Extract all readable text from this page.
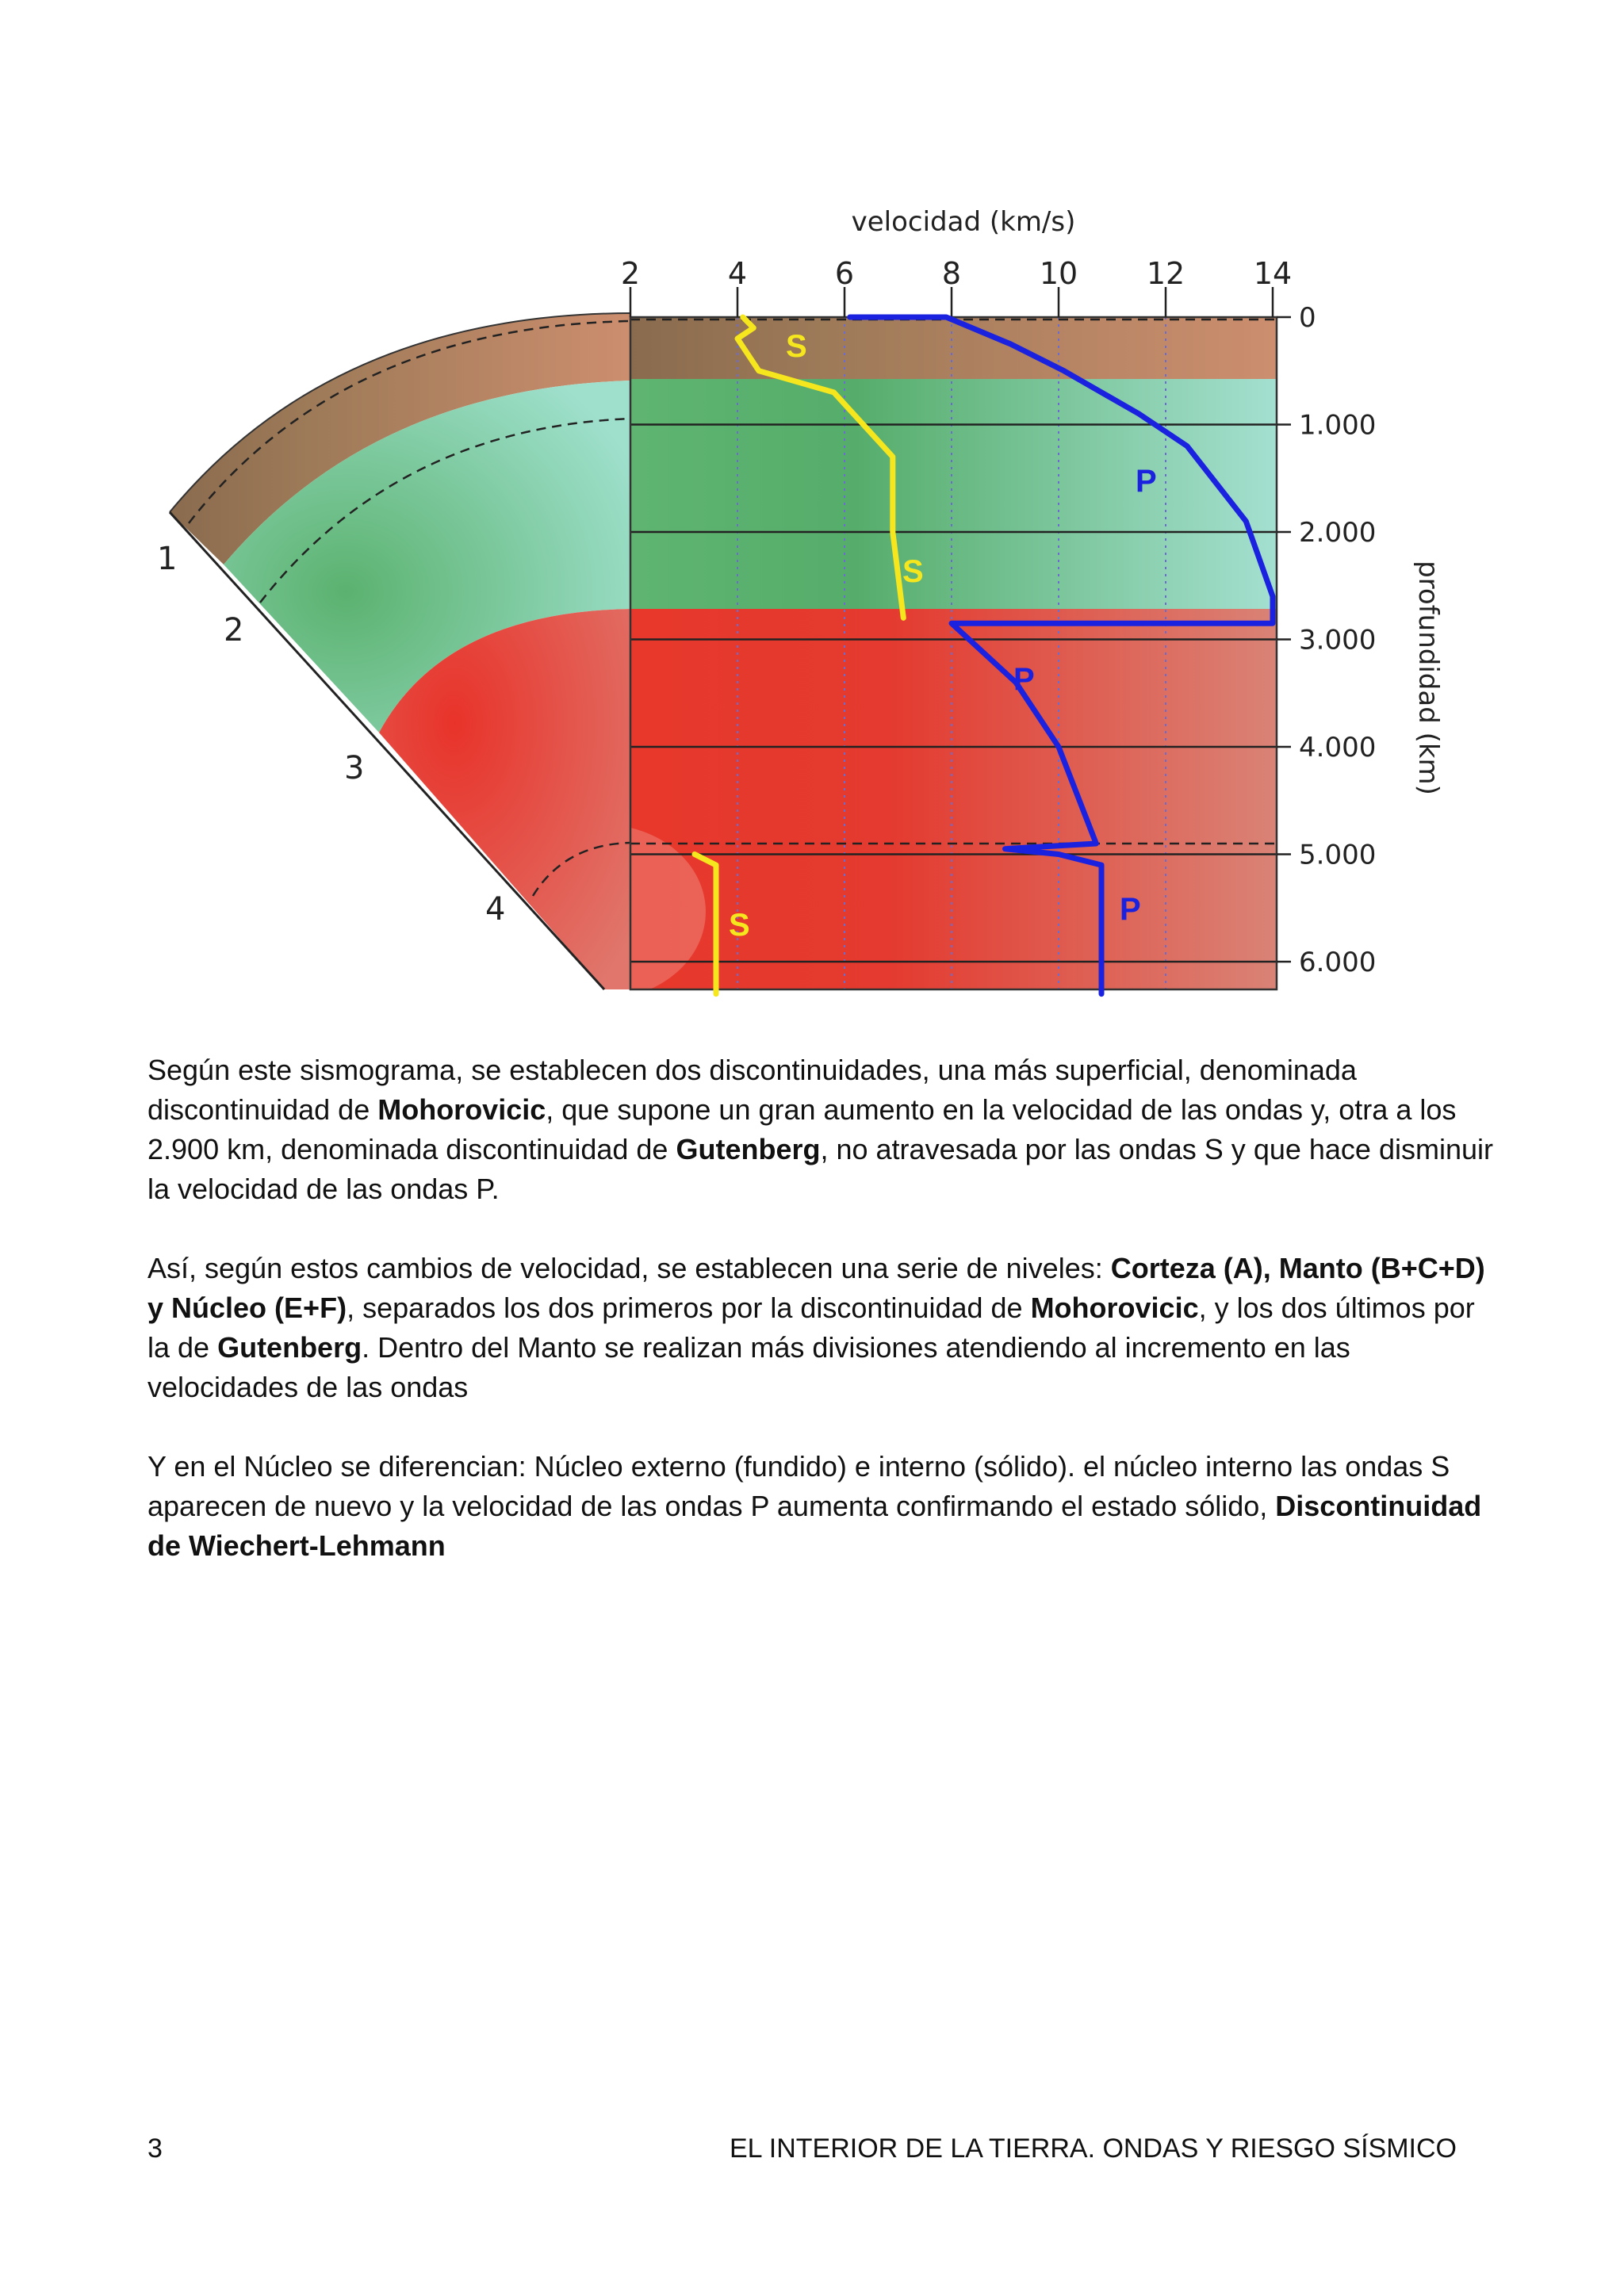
1
2
3
4
2	4	6	8	10 12 14
0
1.000
2.000
3.000
4.000
5.000
6.000
velocidad (km/s)
profundidad (km)
S
S
S
P
P
P

Según este sismograma, se establecen dos discontinuidades, una más superficial, denominada discontinuidad de Mohorovicic, que supone un gran aumento en la velocidad de las ondas y, otra a los 2.900 km, denominada discontinuidad de Gutenberg, no atravesada por las ondas S y que hace disminuir la velocidad de las ondas P.

Así, según estos cambios de velocidad, se establecen una serie de niveles: Corteza (A), Manto (B+C+D) y Núcleo (E+F), separados los dos primeros por la discontinuidad de Mohorovicic, y los dos últimos por la de Gutenberg. Dentro del Manto se realizan más divisiones atendiendo al incremento en las velocidades de las ondas

Y en el Núcleo se diferencian: Núcleo externo (fundido) e interno (sólido). el núcleo interno las ondas S aparecen de nuevo y la velocidad de las ondas P aumenta confirmando el estado sólido, Discontinuidad de Wiechert-Lehmann

3	EL INTERIOR DE LA TIERRA. ONDAS Y RIESGO SÍSMICO
